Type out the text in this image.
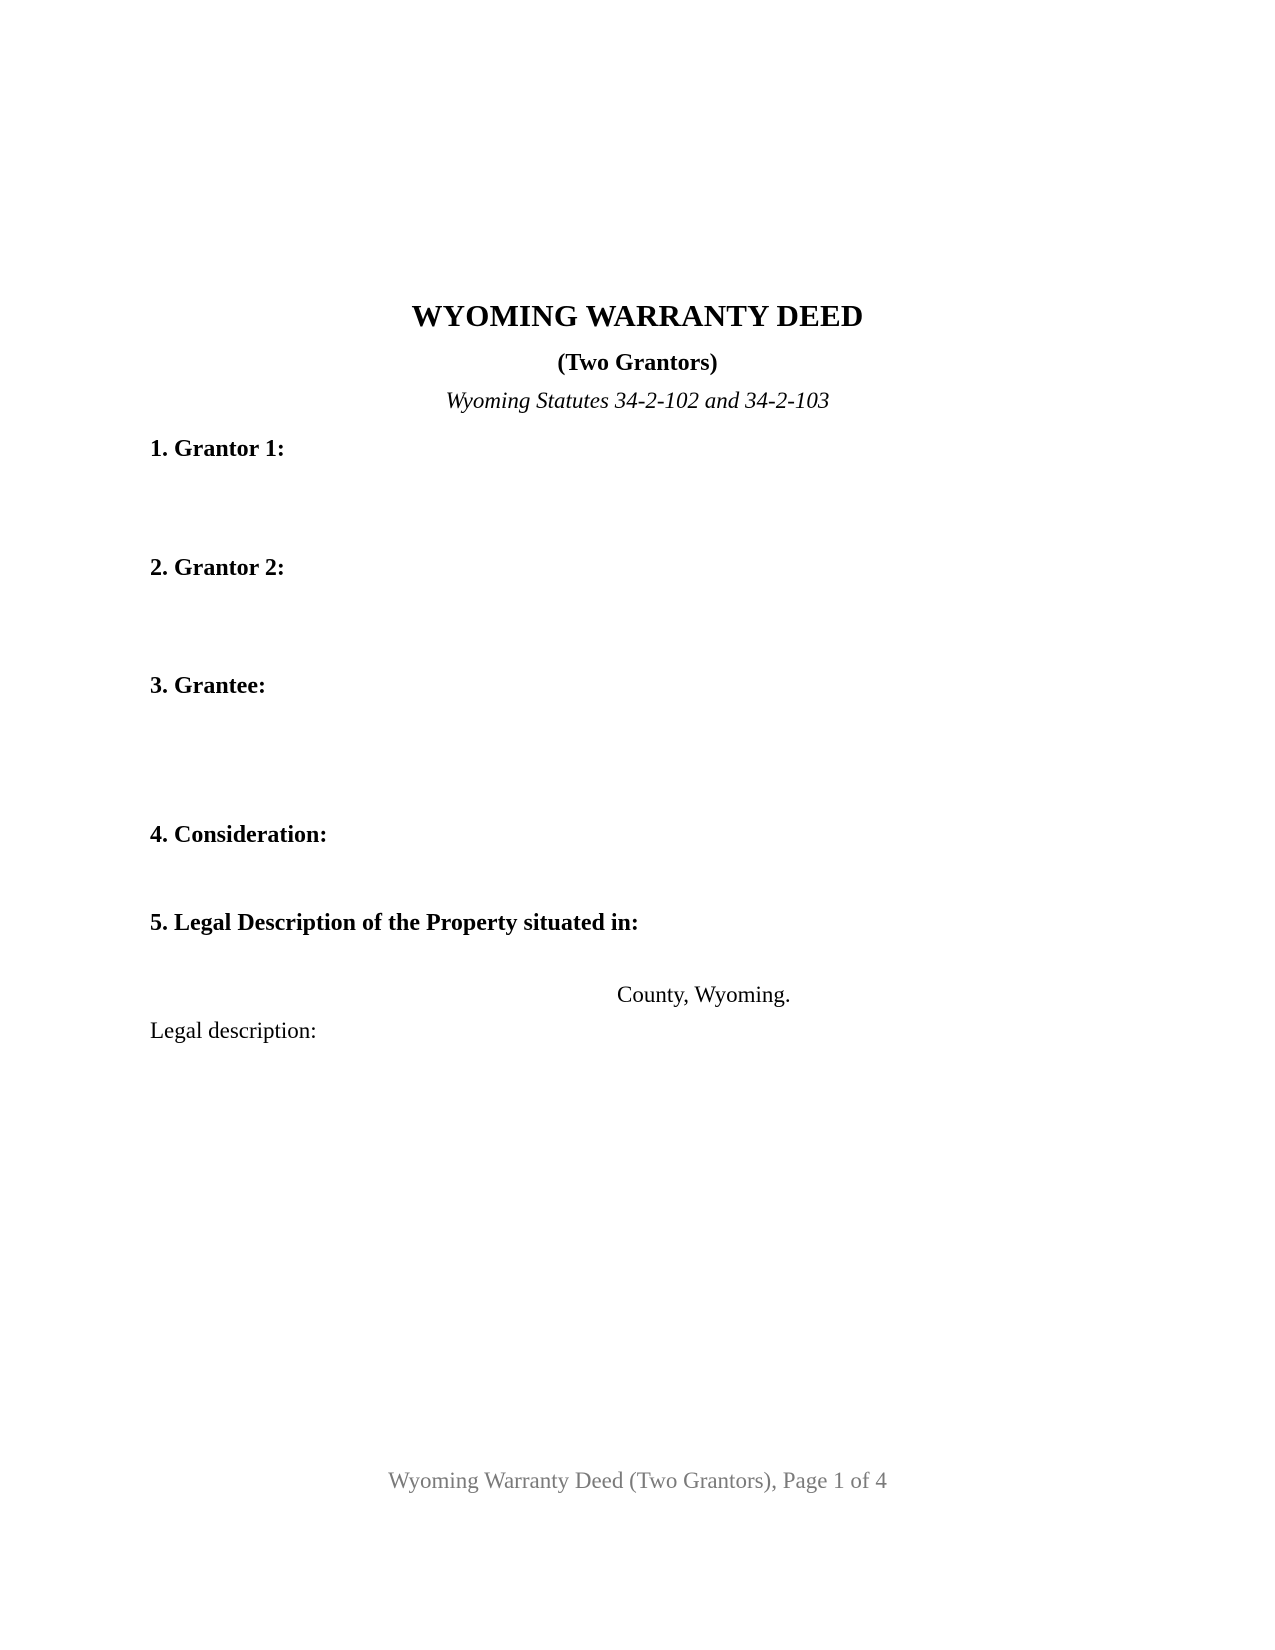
WYOMING WARRANTY DEED
(Two Grantors)
Wyoming Statutes 34-2-102 and 34-2-103
1. Grantor 1:
2. Grantor 2:
3. Grantee:
4. Consideration:
5. Legal Description of the Property situated in:
County, Wyoming.
Legal description:
Wyoming Warranty Deed (Two Grantors), Page 1 of 4
